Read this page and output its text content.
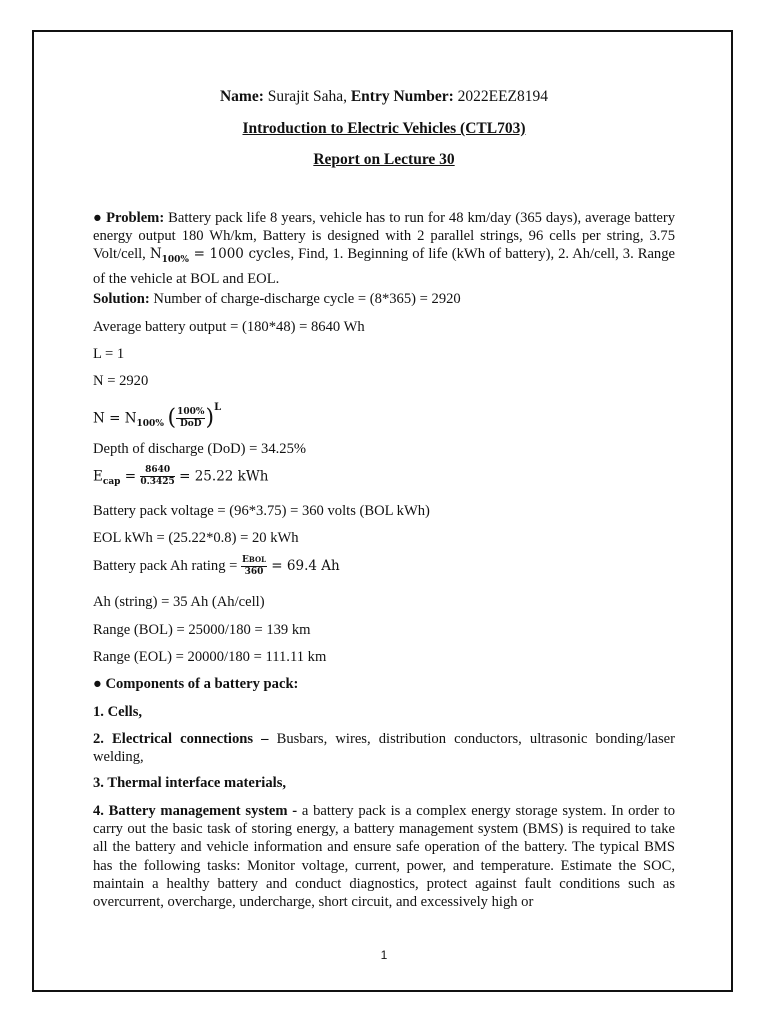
Name: Surajit Saha, Entry Number: 2022EEZ8194
Introduction to Electric Vehicles (CTL703)
Report on Lecture 30
● Problem: Battery pack life 8 years, vehicle has to run for 48 km/day (365 days), average battery energy output 180 Wh/km, Battery is designed with 2 parallel strings, 96 cells per string, 3.75 Volt/cell, $N_{100\%} = 1000$ cycles, Find, 1. Beginning of life (kWh of battery), 2. Ah/cell, 3. Range of the vehicle at BOL and EOL.
Solution: Number of charge-discharge cycle = (8*365) = 2920
Average battery output = (180*48) = 8640 Wh
L = 1
N = 2920
$N = N_{100\%}$ ( $\frac{100\%}{\text{DoD}} )^L$
Depth of discharge (DoD) = 34.25%
$E_{cap} = \frac{8640}{0.3425} = 25.22$ kWh
Battery pack voltage = (96*3.75) = 360 volts (BOL kWh)
EOL kWh = (25.22*0.8) = 20 kWh
Battery pack Ah rating = $\frac{\text{EBOL}}{360} = 69.4$ Ah
Ah (string) = 35 Ah (Ah/cell)
Range (BOL) = 25000/180 = 139 km
Range (EOL) = 20000/180 = 111.11 km
● Components of a battery pack:
1. Cells,
2. Electrical connections – Busbars, wires, distribution conductors, ultrasonic bonding/laser welding,
3. Thermal interface materials,
4. Battery management system - a battery pack is a complex energy storage system. In order to carry out the basic task of storing energy, a battery management system (BMS) is required to take all the battery and vehicle information and ensure safe operation of the battery. The typical BMS has the following tasks: Monitor voltage, current, power, and temperature. Estimate the SOC, maintain a healthy battery and conduct diagnostics, protect against fault conditions such as overcurrent, overcharge, undercharge, short circuit, and excessively high or
1
